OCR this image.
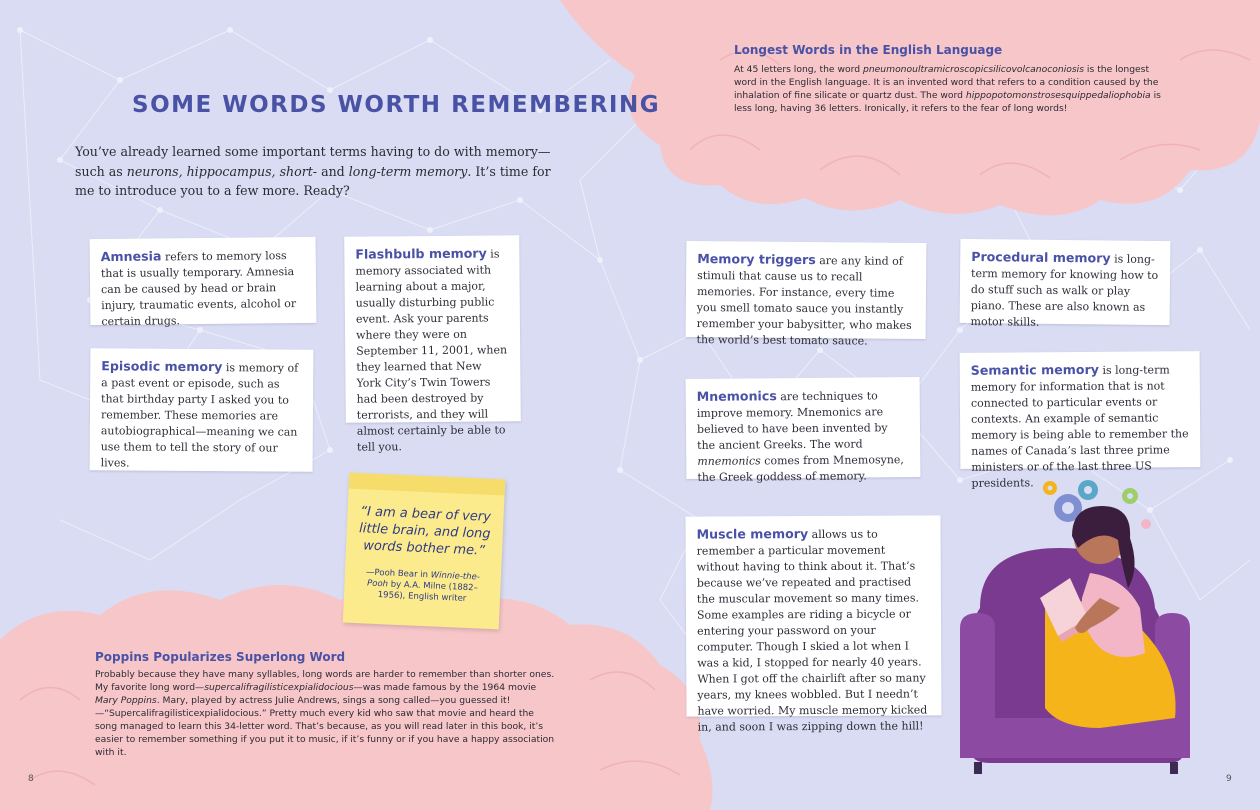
SOME WORDS WORTH REMEMBERING

You’ve already learned some important terms having to do with memory—such as neurons, hippocampus, short- and long-term memory. It’s time for me to introduce you to a few more. Ready?

Amnesia refers to memory loss that is usually temporary. Amnesia can be caused by head or brain injury, traumatic events, alcohol or certain drugs.
Episodic memory is memory of a past event or episode, such as that birthday party I asked you to remember. These memories are autobiographical—meaning we can use them to tell the story of our lives.
Flashbulb memory is memory associated with learning about a major, usually disturbing public event. Ask your parents where they were on September 11, 2001, when they learned that New York City’s Twin Towers had been destroyed by terrorists, and they will almost certainly be able to tell you.
“I am a bear of very little brain, and long words bother me.”
—Pooh Bear in Winnie-the-Pooh by A.A. Milne (1882–1956), English writer
Poppins Popularizes Superlong Word

Probably because they have many syllables, long words are harder to remember than shorter ones. My favorite long word—supercalifragilisticexpialidocious—was made famous by the 1964 movie Mary Poppins. Mary, played by actress Julie Andrews, sings a song called—you guessed it!—“Supercalifragilisticexpialidocious.” Pretty much every kid who saw that movie and heard the song managed to learn this 34-letter word. That’s because, as you will read later in this book, it’s easier to remember something if you put it to music, if it’s funny or if you have a happy association with it.

8
Longest Words in the English Language

At 45 letters long, the word pneumonoultramicroscopicsilicovolcanoconiosis is the longest word in the English language. It is an invented word that refers to a condition caused by the inhalation of fine silicate or quartz dust. The word hippopotomonstrosesquippedaliophobia is less long, having 36 letters. Ironically, it refers to the fear of long words!

Memory triggers are any kind of stimuli that cause us to recall memories. For instance, every time you smell tomato sauce you instantly remember your babysitter, who makes the world’s best tomato sauce.
Mnemonics are techniques to improve memory. Mnemonics are believed to have been invented by the ancient Greeks. The word mnemonics comes from Mnemosyne, the Greek goddess of memory.
Procedural memory is long-term memory for knowing how to do stuff such as walk or play piano. These are also known as motor skills.
Semantic memory is long-term memory for information that is not connected to particular events or contexts. An example of semantic memory is being able to remember the names of Canada’s last three prime ministers or of the last three US presidents.
Muscle memory allows us to remember a particular movement without having to think about it. That’s because we’ve repeated and practised the muscular movement so many times. Some examples are riding a bicycle or entering your password on your computer. Though I skied a lot when I was a kid, I stopped for nearly 40 years. When I got off the chairlift after so many years, my knees wobbled. But I needn’t have worried. My muscle memory kicked in, and soon I was zipping down the hill!
9
